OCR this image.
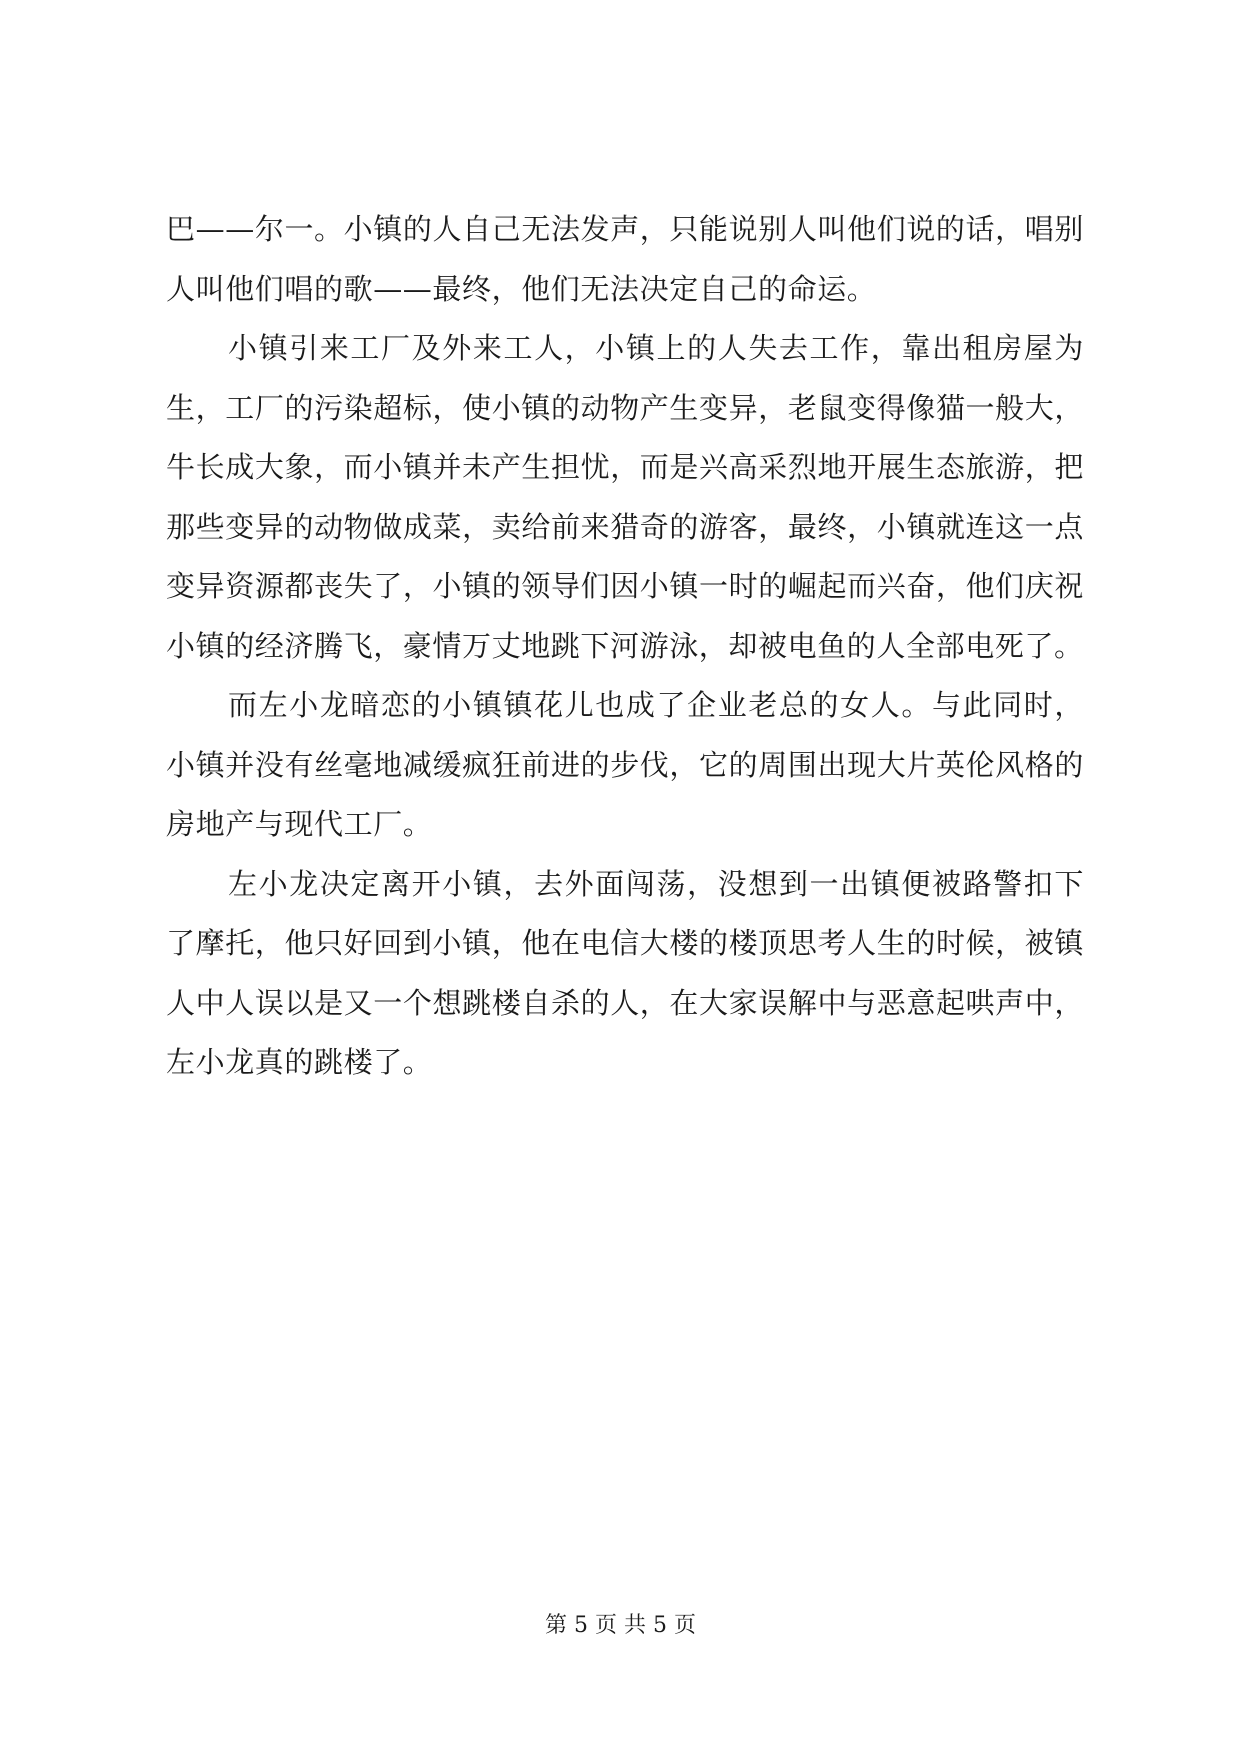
巴——尔一。小镇的人自己无法发声，只能说别人叫他们说的话，唱别人叫他们唱的歌——最终，他们无法决定自己的命运。

小镇引来工厂及外来工人，小镇上的人失去工作，靠出租房屋为生，工厂的污染超标，使小镇的动物产生变异，老鼠变得像猫一般大，牛长成大象，而小镇并未产生担忧，而是兴高采烈地开展生态旅游，把那些变异的动物做成菜，卖给前来猎奇的游客，最终，小镇就连这一点变异资源都丧失了，小镇的领导们因小镇一时的崛起而兴奋，他们庆祝小镇的经济腾飞，豪情万丈地跳下河游泳，却被电鱼的人全部电死了。

而左小龙暗恋的小镇镇花儿也成了企业老总的女人。与此同时，小镇并没有丝毫地减缓疯狂前进的步伐，它的周围出现大片英伦风格的房地产与现代工厂。

左小龙决定离开小镇，去外面闯荡，没想到一出镇便被路警扣下了摩托，他只好回到小镇，他在电信大楼的楼顶思考人生的时候，被镇人中人误以是又一个想跳楼自杀的人，在大家误解中与恶意起哄声中，左小龙真的跳楼了。

第 5 页 共 5 页
